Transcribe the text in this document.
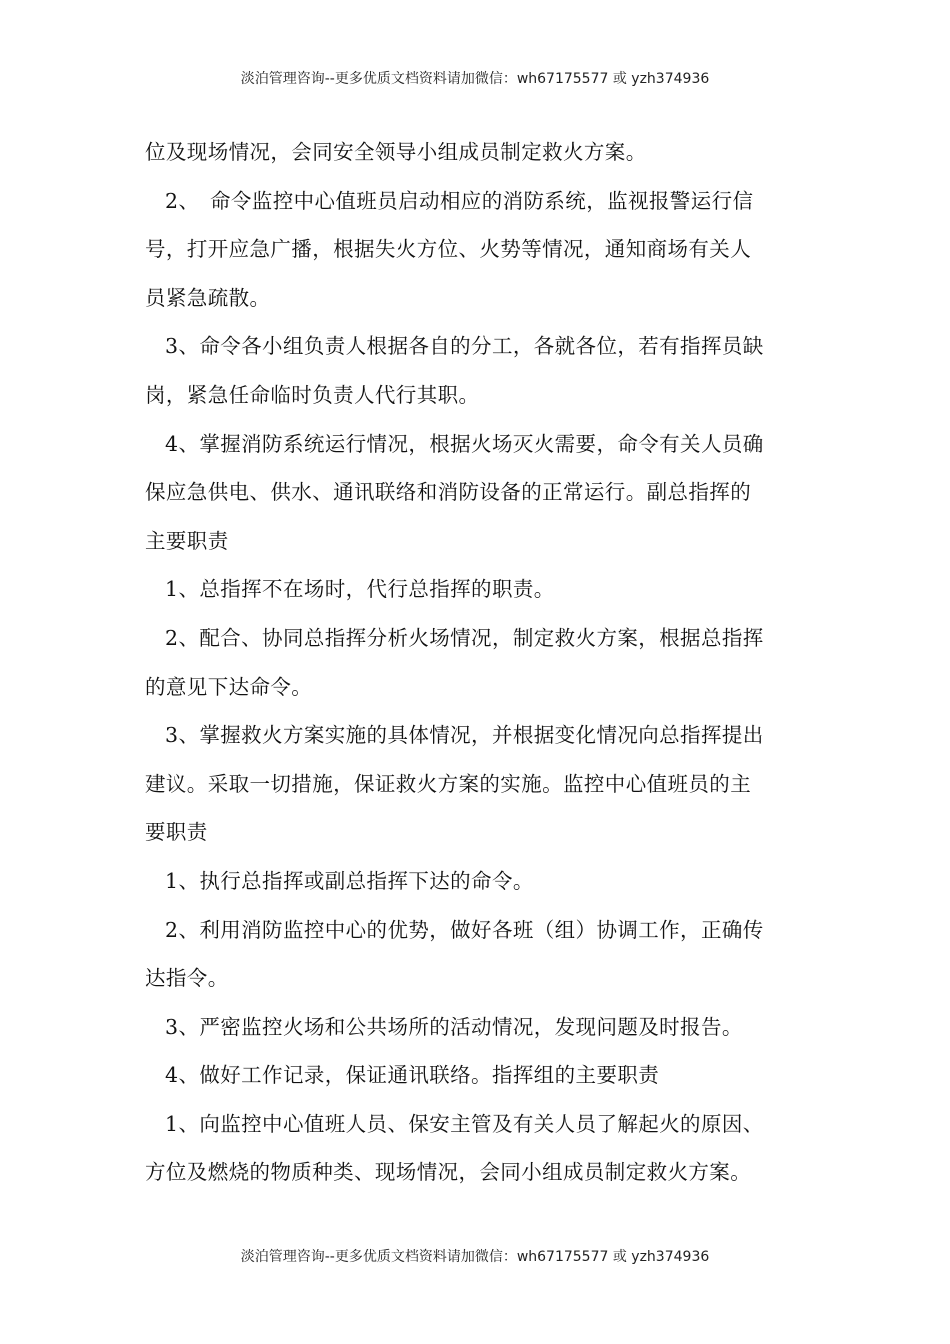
淡泊管理咨询--更多优质文档资料请加微信：wh67175577 或 yzh374936
位及现场情况，会同安全领导小组成员制定救火方案。
2、　命令监控中心值班员启动相应的消防系统，监视报警运行信
号，打开应急广播，根据失火方位、火势等情况，通知商场有关人
员紧急疏散。
3、命令各小组负责人根据各自的分工，各就各位，若有指挥员缺
岗，紧急任命临时负责人代行其职。
4、掌握消防系统运行情况，根据火场灭火需要，命令有关人员确
保应急供电、供水、通讯联络和消防设备的正常运行。副总指挥的
主要职责
1、总指挥不在场时，代行总指挥的职责。
2、配合、协同总指挥分析火场情况，制定救火方案，根据总指挥
的意见下达命令。
3、掌握救火方案实施的具体情况，并根据变化情况向总指挥提出
建议。采取一切措施，保证救火方案的实施。监控中心值班员的主
要职责
1、执行总指挥或副总指挥下达的命令。
2、利用消防监控中心的优势，做好各班（组）协调工作，正确传
达指令。
3、严密监控火场和公共场所的活动情况，发现问题及时报告。
4、做好工作记录，保证通讯联络。指挥组的主要职责
1、向监控中心值班人员、保安主管及有关人员了解起火的原因、
方位及燃烧的物质种类、现场情况，会同小组成员制定救火方案。
淡泊管理咨询--更多优质文档资料请加微信：wh67175577 或 yzh374936
